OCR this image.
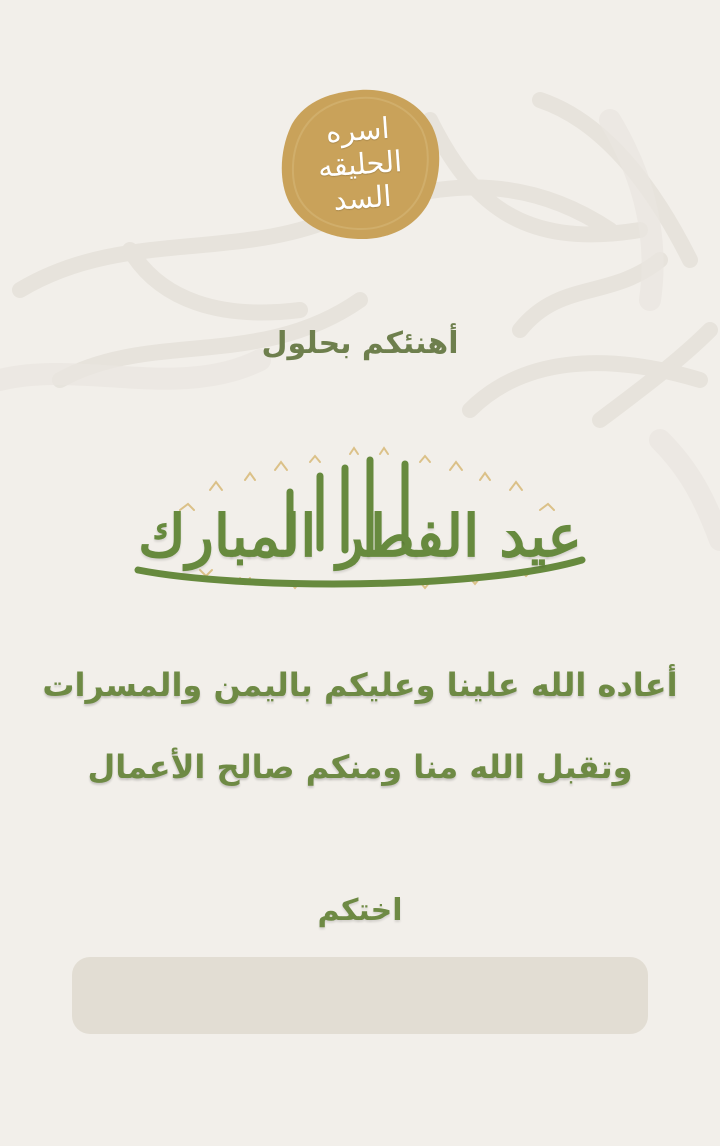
اسره
الحليقه
السد
أهنئكم بحلول
عيد الفطر المبارك
أعاده الله علينا وعليكم باليمن والمسرات
وتقبل الله منا ومنكم صالح الأعمال
اختكم
